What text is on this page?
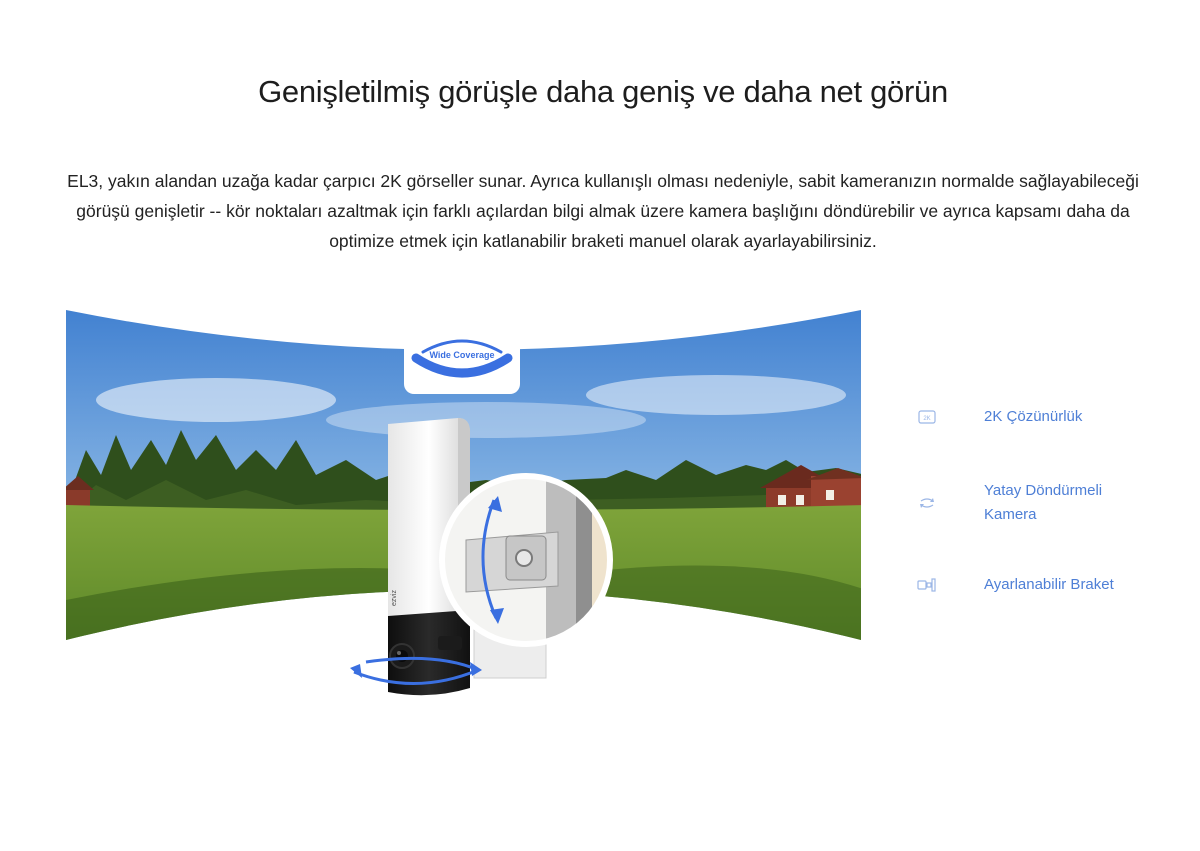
Genişletilmiş görüşle daha geniş ve daha net görün

EL3, yakın alandan uzağa kadar çarpıcı 2K görseller sunar. Ayrıca kullanışlı olması nedeniyle, sabit kameranızın normalde sağlayabileceği görüşü genişletir -- kör noktaları azaltmak için farklı açılardan bilgi almak üzere kamera başlığını döndürebilir ve ayrıca kapsamı daha da optimize etmek için katlanabilir braketi manuel olarak ayarlayabilirsiniz.

Wide Coverage
ezviz
2K	2K Çözünürlük
Yatay Döndürmeli Kamera
Ayarlanabilir Braket
